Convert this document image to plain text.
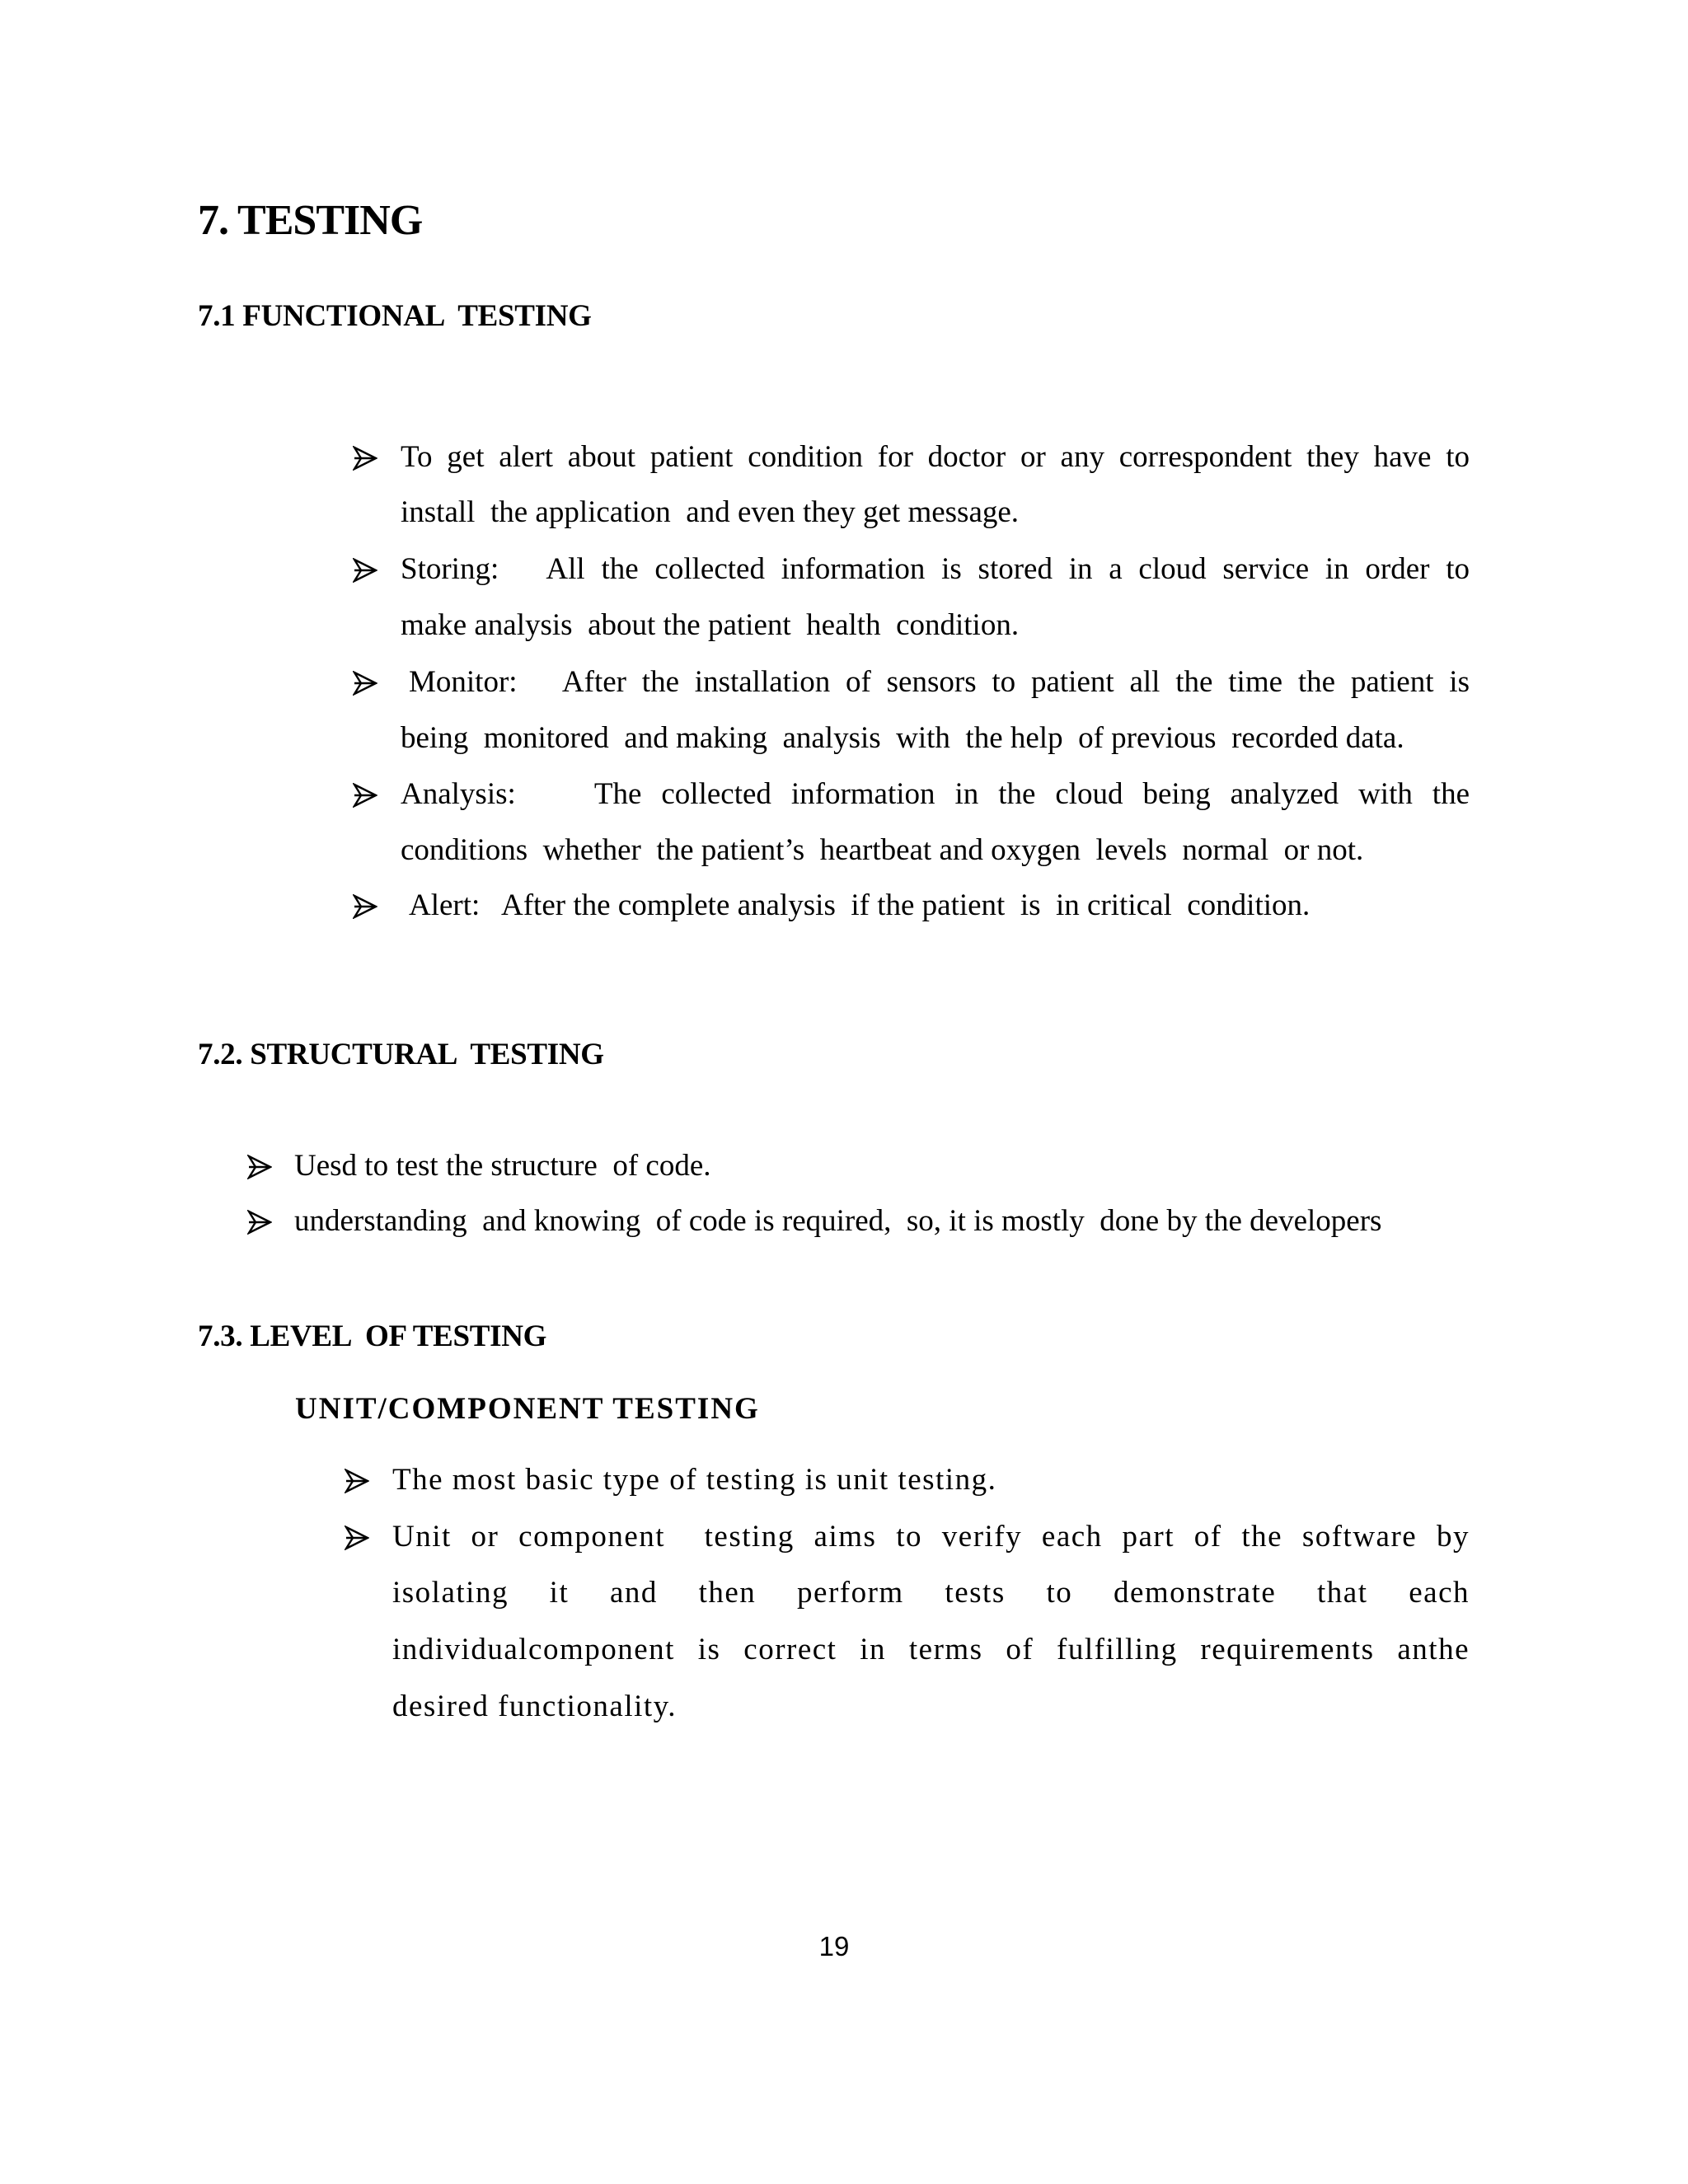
7. TESTING
7.1 FUNCTIONAL  TESTING
To get alert about patient condition for doctor or any correspondent they have to
install  the application  and even they get message.
Storing:   All the collected information is stored in a cloud service in order to
make analysis  about the patient  health  condition.
Monitor:   After the installation of sensors to patient all the time the patient is
being  monitored  and making  analysis  with  the help  of previous  recorded data.
Analysis:    The collected information in the cloud being analyzed with the
conditions  whether  the patient’s  heartbeat and oxygen  levels  normal  or not.
Alert:   After the complete analysis  if the patient  is  in critical  condition.
7.2. STRUCTURAL  TESTING
Uesd to test the structure  of code.
understanding  and knowing  of code is required,  so, it is mostly  done by the developers
7.3. LEVEL  OF TESTING
UNIT/COMPONENT TESTING
The most basic type of testing is unit testing.
Unit or component  testing aims to verify each part of the software by
isolating it and then perform tests to demonstrate that each
individualcomponent is correct in terms of fulfilling requirements anthe
desired functionality.
19
